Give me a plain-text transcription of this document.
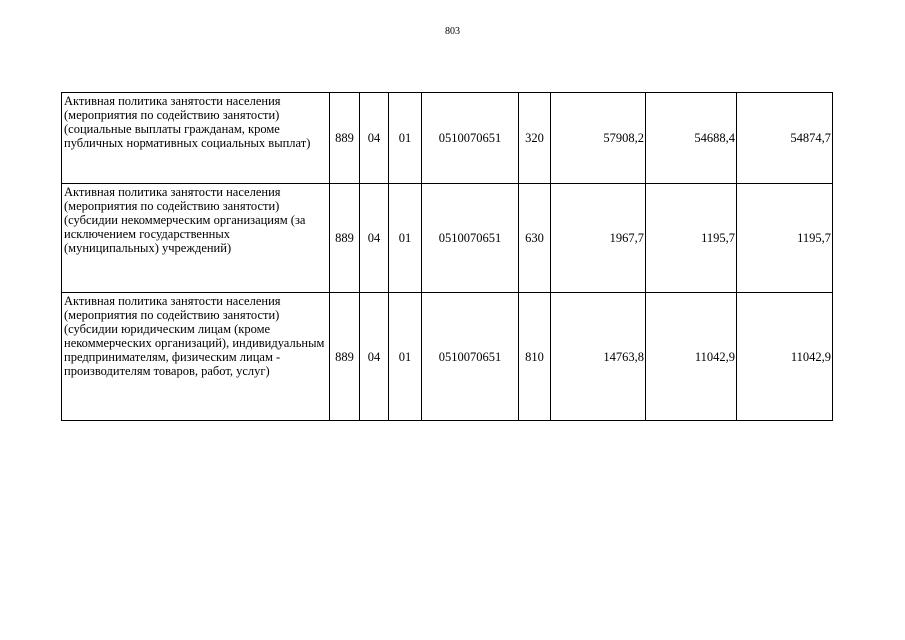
803
Активная политика занятости населения (мероприятия по содействию занятости) (социальные выплаты гражданам, кроме публичных нормативных социальных выплат)	889	04	01	0510070651	320	57908,2	54688,4	54874,7
Активная политика занятости населения (мероприятия по содействию занятости) (субсидии некоммерческим организациям (за исключением государственных (муниципальных) учреждений)	889	04	01	0510070651	630	1967,7	1195,7	1195,7
Активная политика занятости населения (мероприятия по содействию занятости) (субсидии юридическим лицам (кроме некоммерческих организаций), индивидуальным предпринимателям, физическим лицам - производителям товаров, работ, услуг)	889	04	01	0510070651	810	14763,8	11042,9	11042,9
